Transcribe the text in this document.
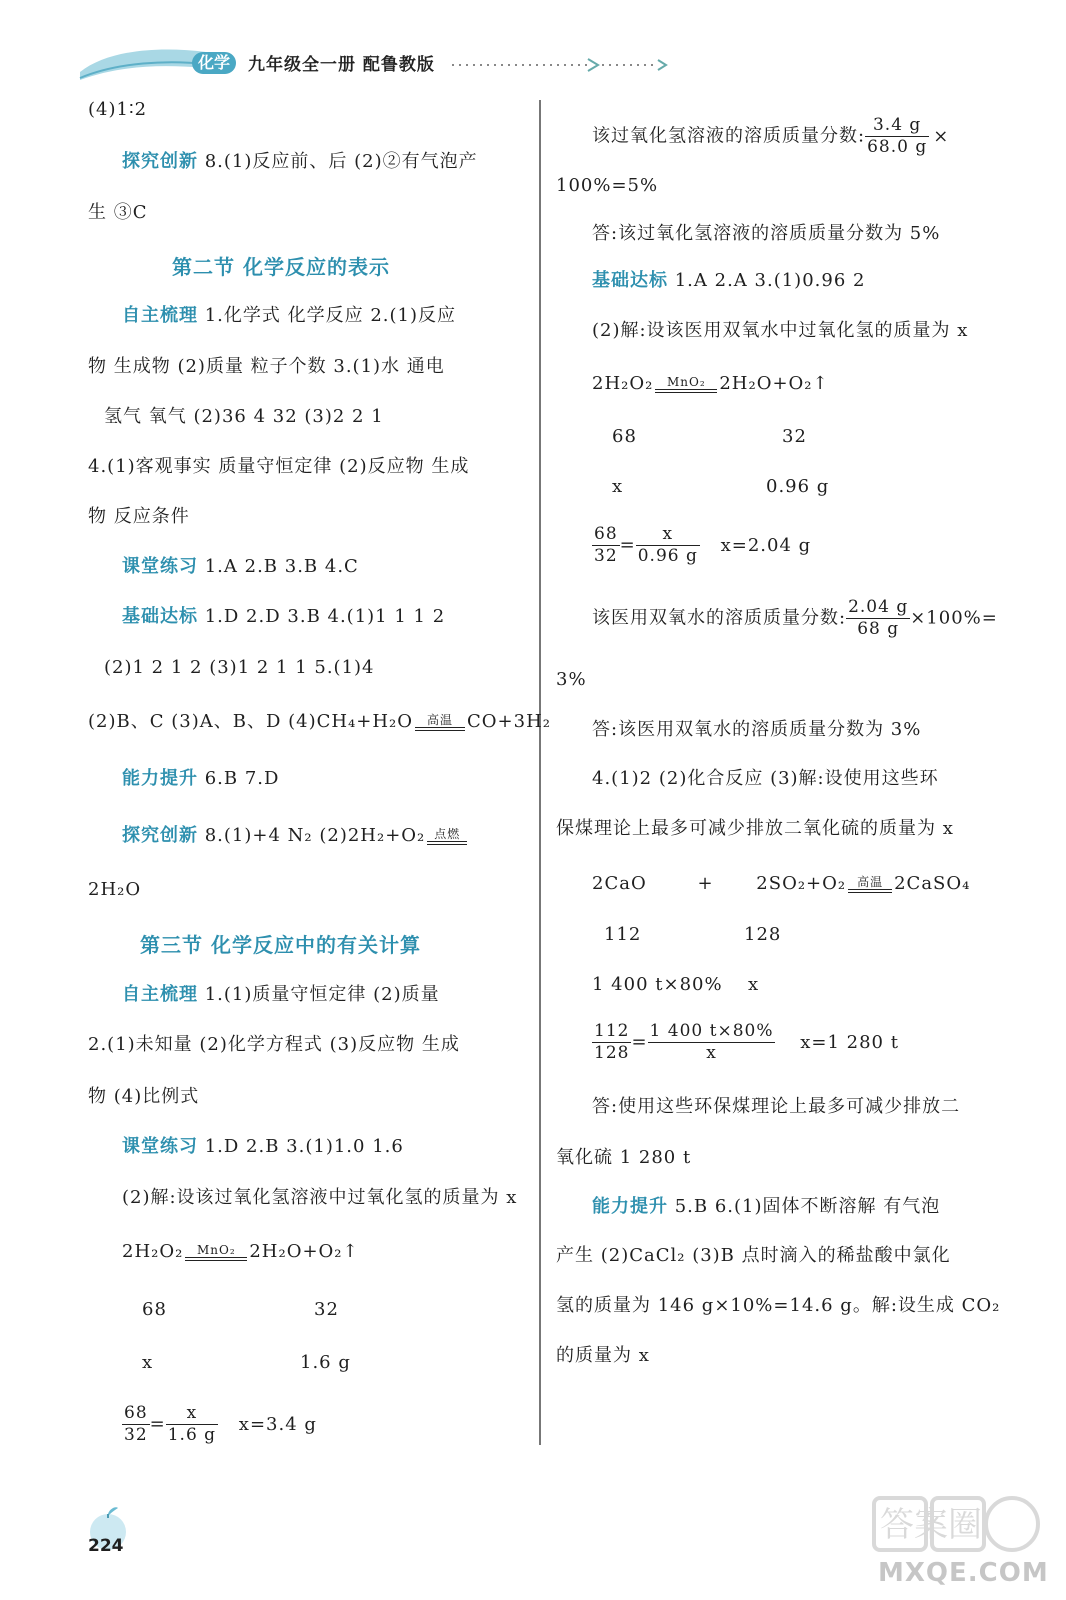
化学	九年级全一册 配鲁教版
(4)1∶2
探究创新 8.(1)反应前、后 (2)②有气泡产
生 ③C
第二节 化学反应的表示
自主梳理 1.化学式 化学反应 2.(1)反应
物 生成物 (2)质量 粒子个数 3.(1)水 通电
氢气 氧气 (2)36 4 32 (3)2 2 1
4.(1)客观事实 质量守恒定律 (2)反应物 生成
物 反应条件
课堂练习 1.A 2.B 3.B 4.C
基础达标 1.D 2.D 3.B 4.(1)1 1 1 2
(2)1 2 1 2 (3)1 2 1 1 5.(1)4
(2)B、C (3)A、B、D (4)CH₄+H₂O	高温 CO+3H₂
能力提升 6.B 7.D
探究创新 8.(1)+4 N₂ (2)2H₂+O₂ 点燃
2H₂O
第三节 化学反应中的有关计算
自主梳理 1.(1)质量守恒定律 (2)质量
2.(1)未知量 (2)化学方程式 (3)反应物 生成
物 (4)比例式
课堂练习 1.D 2.B 3.(1)1.0 1.6
(2)解:设该过氧化氢溶液中过氧化氢的质量为 x
2H₂O₂	MnO₂ 2H₂O+O₂↑
68	32
x	1.6 g
$\frac{68}{32} = \frac{x}{1.6 g} x=3.4$ g
该过氧化氢溶液的溶质质量分数: $\frac{3.4 g}{68.0 g}$ ×
100%=5%
答:该过氧化氢溶液的溶质质量分数为 5%
基础达标 1.A 2.A 3.(1)0.96 2
(2)解:设该医用双氧水中过氧化氢的质量为 x
2H₂O₂	MnO₂ 2H₂O+O₂↑
68	32
x	0.96 g
$\frac{68}{32} = \frac{x}{0.96 g} x=2.04$ g
该医用双氧水的溶质质量分数: $\frac{2.04 g}{68 g} \times 100\%=$
3%
答:该医用双氧水的溶质质量分数为 3%
4.(1)2 (2)化合反应 (3)解:设使用这些环
保煤理论上最多可减少排放二氧化硫的质量为 x
2CaO	+ 2SO₂+O₂ 高温 2CaSO₄
112	128
1 400 t×80% x
$\frac{112}{128} = \frac{1 400 t\times 80\%}{x} x=1$ 280 t
答:使用这些环保煤理论上最多可减少排放二
氧化硫 1 280 t
能力提升 5.B 6.(1)固体不断溶解 有气泡
产生 (2)CaCl₂ (3)B 点时滴入的稀盐酸中氯化
氢的质量为 146 g×10%=14.6 g。解:设生成 CO₂
的质量为 x
224
答案圈
MXQE.COM
